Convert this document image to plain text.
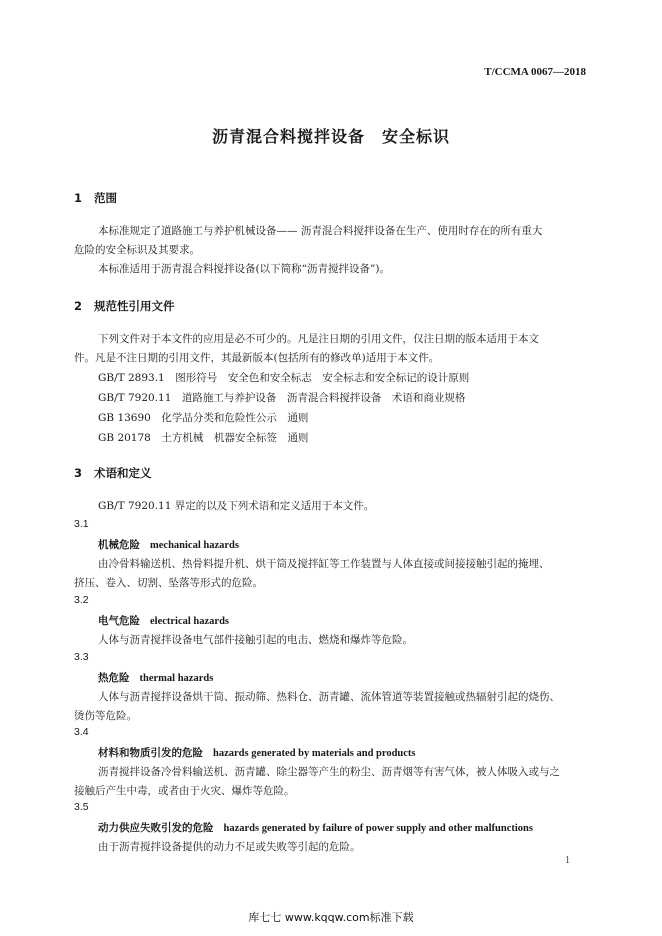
T/CCMA 0067—2018
沥青混合料搅拌设备　安全标识
1 范围
本标准规定了道路施工与养护机械设备—— 沥青混合料搅拌设备在生产、使用时存在的所有重大
危险的安全标识及其要求。
本标准适用于沥青混合料搅拌设备(以下简称“沥青搅拌设备”)。
2 规范性引用文件
下列文件对于本文件的应用是必不可少的。凡是注日期的引用文件，仅注日期的版本适用于本文
件。凡是不注日期的引用文件，其最新版本(包括所有的修改单)适用于本文件。
GB/T 2893.1　图形符号　安全色和安全标志　安全标志和安全标记的设计原则
GB/T 7920.11　道路施工与养护设备　沥青混合料搅拌设备　术语和商业规格
GB 13690　化学品分类和危险性公示　通则
GB 20178　土方机械　机器安全标签　通则
3 术语和定义
GB/T 7920.11 界定的以及下列术语和定义适用于本文件。
3.1
机械危险 mechanical hazards
由冷骨料输送机、热骨料提升机、烘干筒及搅拌缸等工作装置与人体直接或间接接触引起的掩埋、
挤压、卷入、切割、坠落等形式的危险。
3.2
电气危险 electrical hazards
人体与沥青搅拌设备电气部件接触引起的电击、燃烧和爆炸等危险。
3.3
热危险 thermal hazards
人体与沥青搅拌设备烘干筒、振动筛、热料仓、沥青罐、流体管道等装置接触或热辐射引起的烧伤、
烫伤等危险。
3.4
材料和物质引发的危险 hazards generated by materials and products
沥青搅拌设备冷骨料输送机、沥青罐、除尘器等产生的粉尘、沥青烟等有害气体，被人体吸入或与之
接触后产生中毒，或者由于火灾、爆炸等危险。
3.5
动力供应失败引发的危险 hazards generated by failure of power supply and other malfunctions
由于沥青搅拌设备提供的动力不足或失败等引起的危险。
1
库七七 www.kqqw.com标准下载
